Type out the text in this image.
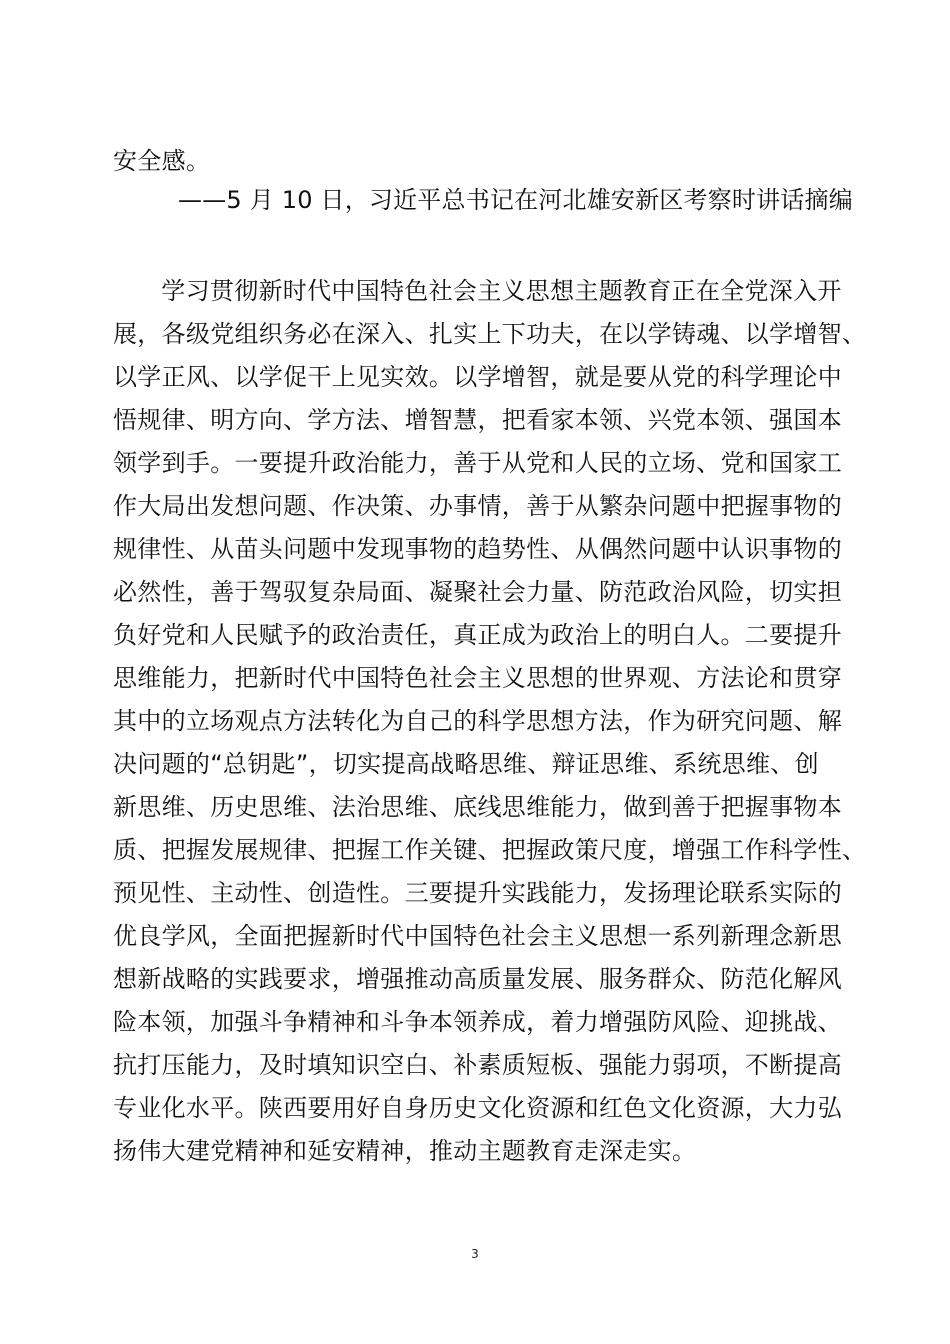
安全感。
——5 月 10 日，习近平总书记在河北雄安新区考察时讲话摘编
　学习贯彻新时代中国特色社会主义思想主题教育正在全党深入开
展，各级党组织务必在深入、扎实上下功夫，在以学铸魂、以学增智、
以学正风、以学促干上见实效。以学增智，就是要从党的科学理论中
悟规律、明方向、学方法、增智慧，把看家本领、兴党本领、强国本
领学到手。一要提升政治能力，善于从党和人民的立场、党和国家工
作大局出发想问题、作决策、办事情，善于从繁杂问题中把握事物的
规律性、从苗头问题中发现事物的趋势性、从偶然问题中认识事物的
必然性，善于驾驭复杂局面、凝聚社会力量、防范政治风险，切实担
负好党和人民赋予的政治责任，真正成为政治上的明白人。二要提升
思维能力，把新时代中国特色社会主义思想的世界观、方法论和贯穿
其中的立场观点方法转化为自己的科学思想方法，作为研究问题、解
决问题的“总钥匙”，切实提高战略思维、辩证思维、系统思维、创
新思维、历史思维、法治思维、底线思维能力，做到善于把握事物本
质、把握发展规律、把握工作关键、把握政策尺度，增强工作科学性、
预见性、主动性、创造性。三要提升实践能力，发扬理论联系实际的
优良学风，全面把握新时代中国特色社会主义思想一系列新理念新思
想新战略的实践要求，增强推动高质量发展、服务群众、防范化解风
险本领，加强斗争精神和斗争本领养成，着力增强防风险、迎挑战、
抗打压能力，及时填知识空白、补素质短板、强能力弱项，不断提高
专业化水平。陕西要用好自身历史文化资源和红色文化资源，大力弘
扬伟大建党精神和延安精神，推动主题教育走深走实。
3
